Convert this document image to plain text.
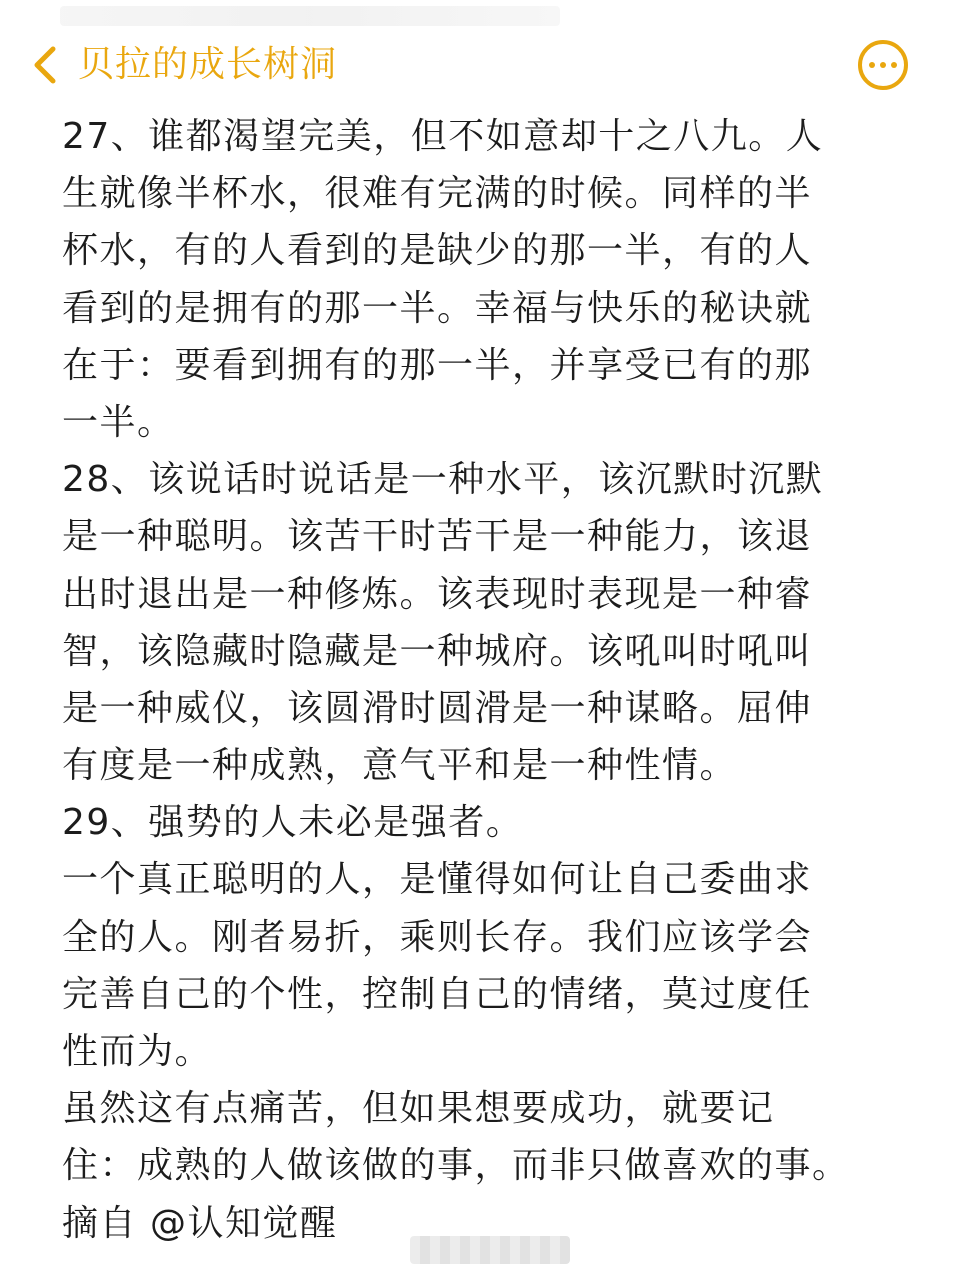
贝拉的成长树洞
27、谁都渴望完美，但不如意却十之八九。人
生就像半杯水，很难有完满的时候。同样的半
杯水，有的人看到的是缺少的那一半，有的人
看到的是拥有的那一半。幸福与快乐的秘诀就
在于：要看到拥有的那一半，并享受已有的那
一半。
28、该说话时说话是一种水平，该沉默时沉默
是一种聪明。该苦干时苦干是一种能力，该退
出时退出是一种修炼。该表现时表现是一种睿
智，该隐藏时隐藏是一种城府。该吼叫时吼叫
是一种威仪，该圆滑时圆滑是一种谋略。屈伸
有度是一种成熟，意气平和是一种性情。
29、强势的人未必是强者。
一个真正聪明的人，是懂得如何让自己委曲求
全的人。刚者易折，乘则长存。我们应该学会
完善自己的个性，控制自己的情绪，莫过度任
性而为。
虽然这有点痛苦，但如果想要成功，就要记
住：成熟的人做该做的事，而非只做喜欢的事。
摘自 @认知觉醒
